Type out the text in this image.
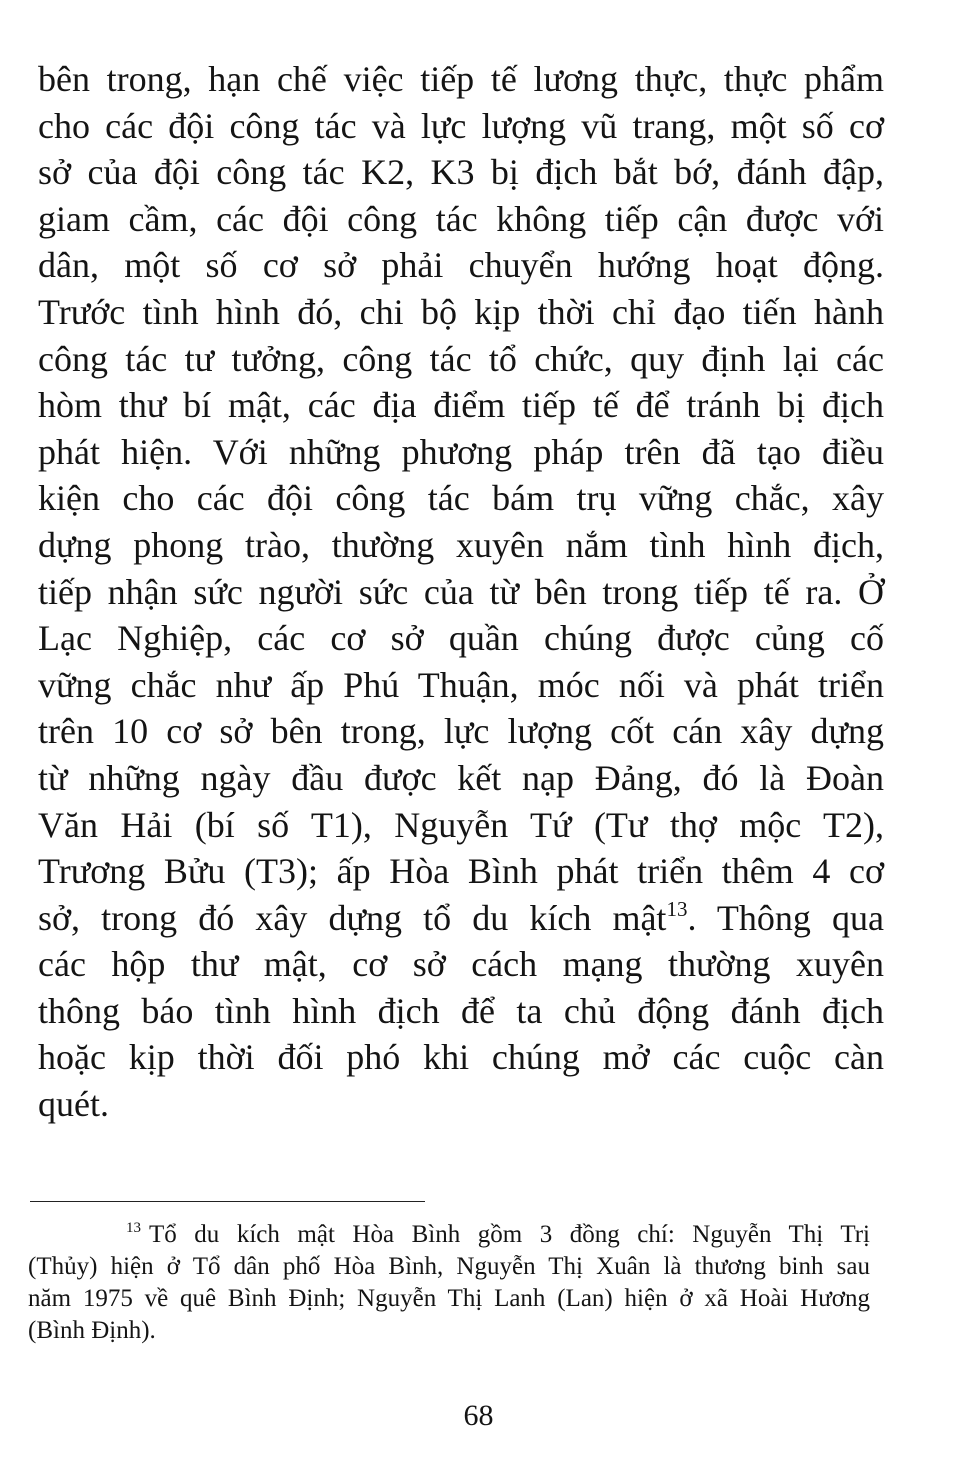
bên trong, hạn chế việc tiếp tế lương thực, thực phẩm
cho các đội công tác và lực lượng vũ trang, một số cơ
sở của đội công tác K2, K3 bị địch bắt bớ, đánh đập,
giam cầm, các đội công tác không tiếp cận được với
dân, một số cơ sở phải chuyển hướng hoạt động.
Trước tình hình đó, chi bộ kịp thời chỉ đạo tiến hành
công tác tư tưởng, công tác tổ chức, quy định lại các
hòm thư bí mật, các địa điểm tiếp tế để tránh bị địch
phát hiện. Với những phương pháp trên đã tạo điều
kiện cho các đội công tác bám trụ vững chắc, xây
dựng phong trào, thường xuyên nắm tình hình địch,
tiếp nhận sức người sức của từ bên trong tiếp tế ra. Ở
Lạc Nghiệp, các cơ sở quần chúng được củng cố
vững chắc như ấp Phú Thuận, móc nối và phát triển
trên 10 cơ sở bên trong, lực lượng cốt cán xây dựng
từ những ngày đầu được kết nạp Đảng, đó là Đoàn
Văn Hải (bí số T1), Nguyễn Tứ (Tư thợ mộc T2),
Trương Bửu (T3); ấp Hòa Bình phát triển thêm 4 cơ
sở, trong đó xây dựng tổ du kích mật$^{13}$. Thông qua
các hộp thư mật, cơ sở cách mạng thường xuyên
thông báo tình hình địch để ta chủ động đánh địch
hoặc kịp thời đối phó khi chúng mở các cuộc càn
quét.
$^{13}$ Tổ du kích mật Hòa Bình gồm 3 đồng chí: Nguyễn Thị Trị
(Thủy) hiện ở Tổ dân phố Hòa Bình, Nguyễn Thị Xuân là thương binh sau
năm 1975 về quê Bình Định; Nguyễn Thị Lanh (Lan) hiện ở xã Hoài Hương
(Bình Định).
68
